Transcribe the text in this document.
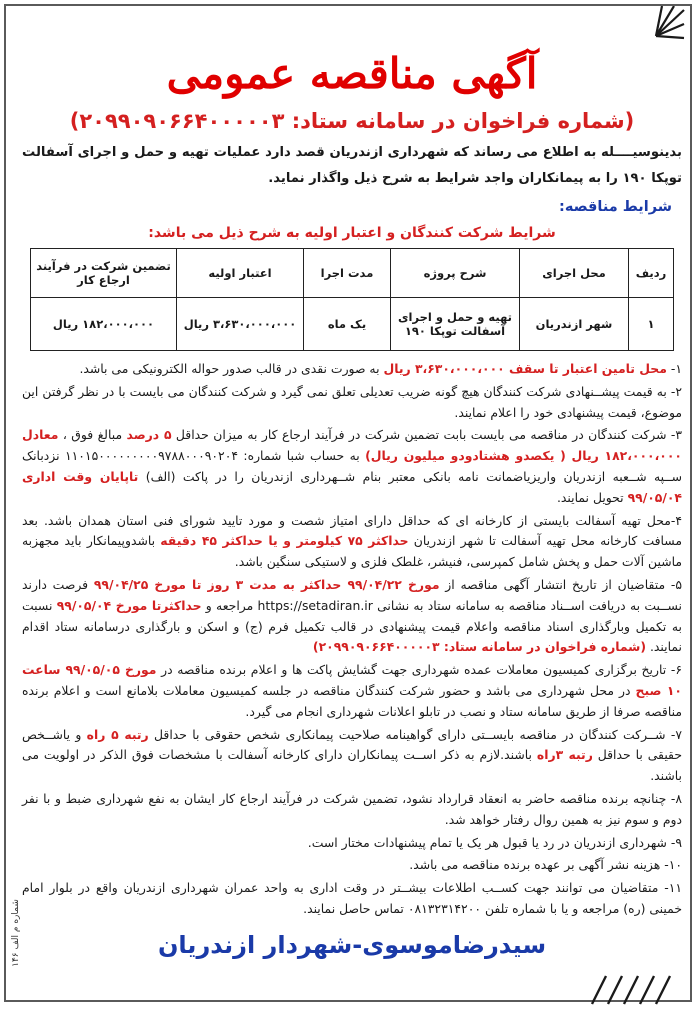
آگهی مناقصه عمومی
(شماره فراخوان در سامانه ستاد: ۲۰۹۹۰۹۰۶۶۴۰۰۰۰۰۳)

بدینوسیــــله به اطلاع می رساند که شهرداری ازندریان قصد دارد عملیات تهیه و حمل و اجرای آسفالت توپکا ۱۹۰ را به پیمانکاران واجد شرایط به شرح ذیل واگذار نماید.

شرایط مناقصه:
شرایط شرکت کنندگان و اعتبار اولیه به شرح ذیل می باشد:
ردیف	محل اجرای	شرح پروژه	مدت اجرا	اعتبار اولیه	تضمین شرکت در فرآیند ارجاع کار
۱	شهر ازندریان	تهیه و حمل و اجرای آسفالت توپکا ۱۹۰	یک ماه	۳،۶۳۰،۰۰۰،۰۰۰ ریال	۱۸۲،۰۰۰،۰۰۰ ریال

۱- محل تامین اعتبار تا سقف ۳،۶۳۰،۰۰۰،۰۰۰ ریال به صورت نقدی در قالب صدور حواله الکترونیکی می باشد.

۲- به قیمت پیشــنهادی شرکت کنندگان هیچ گونه ضریب تعدیلی تعلق نمی گیرد و شرکت کنندگان می بایست با در نظر گرفتن این موضوع، قیمت پیشنهادی خود را اعلام نمایند.

۳- شرکت کنندگان در مناقصه می بایست بابت تضمین شرکت در فرآیند ارجاع کار به میزان حداقل ۵ درصد مبالغ فوق ، معادل ۱۸۲،۰۰۰،۰۰۰ ریال ( یکصدو هشتادودو میلیون ریال) به حساب شبا شماره: ۱۱۰۱۵۰۰۰۰۰۰۰۰۰۹۷۸۸۰۰۰۹۰۲۰۴ نزدبانک ســپه شــعبه ازندریان واریزیاضمانت نامه بانکی معتبر بنام شــهرداری ازندریان را در پاکت (الف) تاپایان وقت اداری ۹۹/۰۵/۰۴ تحویل نمایند.

۴-محل تهیه آسفالت بایستی از کارخانه ای که حداقل دارای امتیاز شصت و مورد تایید شورای فنی استان همدان باشد. بعد مسافت کارخانه محل تهیه آسفالت تا شهر ازندریان حداکثر ۷۵ کیلومتر و یا حداکثر ۴۵ دقیقه باشدوپیمانکار باید مجهزبه ماشین آلات حمل و پخش شامل کمپرسی، فنیشر، غلطک فلزی و لاستیکی سنگین باشد.

۵- متقاضیان از تاریخ انتشار آگهی مناقصه از مورخ ۹۹/۰۴/۲۲ حداکثر به مدت ۳ روز تا مورخ ۹۹/۰۴/۲۵ فرصت دارند نســبت به دریافت اســناد مناقصه به سامانه ستاد به نشانی https://setadiran.ir مراجعه و حداکثرتا مورخ ۹۹/۰۵/۰۴ نسبت به تکمیل وبارگذاری اسناد مناقصه واعلام قیمت پیشنهادی در قالب تکمیل فرم (ج) و اسکن و بارگذاری درسامانه ستاد اقدام نمایند. (شماره فراخوان در سامانه ستاد: ۲۰۹۹۰۹۰۶۶۴۰۰۰۰۰۳)

۶- تاریخ برگزاری کمیسیون معاملات عمده شهرداری جهت گشایش پاکت ها و اعلام برنده مناقصه در مورخ ۹۹/۰۵/۰۵ ساعت ۱۰ صبح در محل شهرداری می باشد و حضور شرکت کنندگان مناقصه در جلسه کمیسیون معاملات بلامانع است و اعلام برنده مناقصه صرفا از طریق سامانه ستاد و نصب در تابلو اعلانات شهرداری انجام می گیرد.

۷- شــرکت کنندگان در مناقصه بایســتی دارای گواهینامه صلاحیت پیمانکاری شخص حقوقی با حداقل رتبه ۵ راه و یاشــخص حقیقی با حداقل رتبه ۳راه باشند.لازم به ذکر اســت پیمانکاران دارای کارخانه آسفالت با مشخصات فوق الذکر در اولویت می باشند.

۸- چنانچه برنده مناقصه حاضر به انعقاد قرارداد نشود، تضمین شرکت در فرآیند ارجاع کار ایشان به نفع شهرداری ضبط و با نفر دوم و سوم نیز به همین روال رفتار خواهد شد.

۹- شهرداری ازندریان در رد یا قبول هر یک یا تمام پیشنهادات مختار است.

۱۰- هزینه نشر آگهی بر عهده برنده مناقصه می باشد.

۱۱- متقاضیان می توانند جهت کســب اطلاعات بیشــتر در وقت اداری به واحد عمران شهرداری ازندریان واقع در بلوار امام خمینی (ره) مراجعه و یا با شماره تلفن ۰۸۱۳۲۳۱۴۲۰۰ تماس حاصل نمایند.

سیدرضاموسوی-شهردار ازندریان
شماره م الف ۱۴۶
